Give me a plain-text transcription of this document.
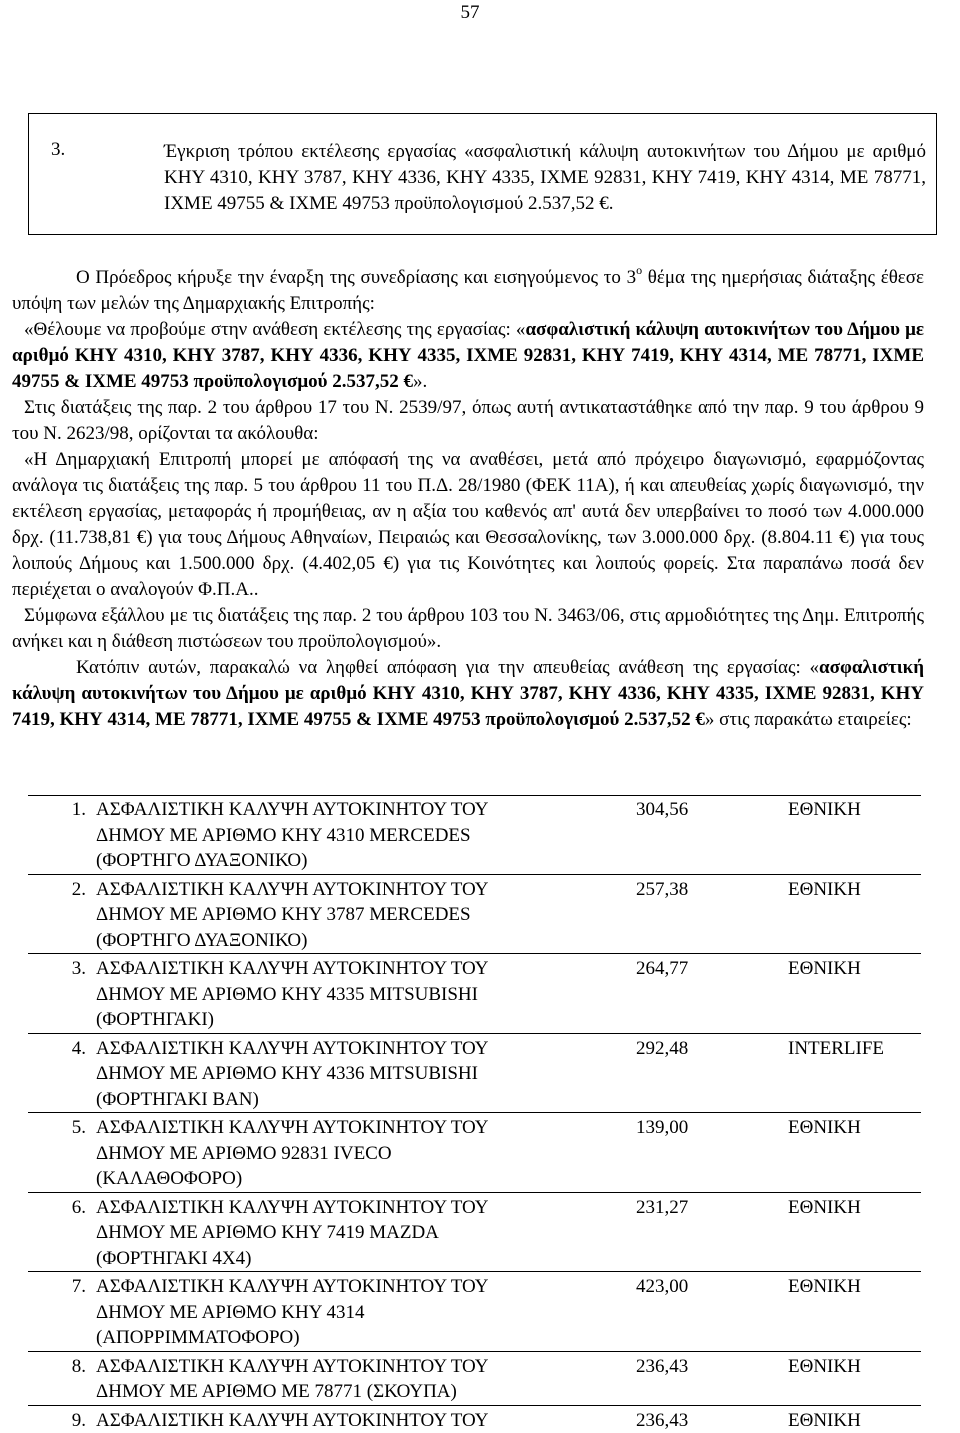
57
3.	Έγκριση τρόπου εκτέλεσης εργασίας «ασφαλιστική κάλυψη αυτοκινήτων του Δήμου με αριθμό ΚΗΥ 4310, ΚΗΥ 3787, ΚΗΥ 4336, ΚΗΥ 4335, ΙΧΜΕ 92831, ΚΗΥ 7419, ΚΗΥ 4314, ΜΕ 78771, ΙΧΜΕ 49755 & ΙΧΜΕ 49753 προϋπολογισμού 2.537,52 €.

Ο Πρόεδρος κήρυξε την έναρξη της συνεδρίασης και εισηγούμενος το $3^o$ θέμα της ημερήσιας διάταξης έθεσε υπόψη των μελών της Δημαρχιακής Επιτροπής:

«Θέλουμε να προβούμε στην ανάθεση εκτέλεσης της εργασίας: «ασφαλιστική κάλυψη αυτοκινήτων του Δήμου με αριθμό ΚΗΥ 4310, ΚΗΥ 3787, ΚΗΥ 4336, ΚΗΥ 4335, ΙΧΜΕ 92831, ΚΗΥ 7419, ΚΗΥ 4314, ΜΕ 78771, ΙΧΜΕ 49755 & ΙΧΜΕ 49753 προϋπολογισμού 2.537,52 €».

Στις διατάξεις της παρ. 2 του άρθρου 17 του Ν. 2539/97, όπως αυτή αντικαταστάθηκε από την παρ. 9 του άρθρου 9 του Ν. 2623/98, ορίζονται τα ακόλουθα:

«Η Δημαρχιακή Επιτροπή μπορεί με απόφασή της να αναθέσει, μετά από πρόχειρο διαγωνισμό, εφαρμόζοντας ανάλογα τις διατάξεις της παρ. 5 του άρθρου 11 του Π.Δ. 28/1980 (ΦΕΚ 11Α), ή και απευθείας χωρίς διαγωνισμό, την εκτέλεση εργασίας, μεταφοράς ή προμήθειας, αν η αξία του καθενός απ' αυτά δεν υπερβαίνει το ποσό των 4.000.000 δρχ. (11.738,81 €) για τους Δήμους Αθηναίων, Πειραιώς και Θεσσαλονίκης, των 3.000.000 δρχ. (8.804.11 €) για τους λοιπούς Δήμους και 1.500.000 δρχ. (4.402,05 €) για τις Κοινότητες και λοιπούς φορείς. Στα παραπάνω ποσά δεν περιέχεται ο αναλογούν Φ.Π.Α..

Σύμφωνα εξάλλου με τις διατάξεις της παρ. 2 του άρθρου 103 του Ν. 3463/06, στις αρμοδιότητες της Δημ. Επιτροπής ανήκει και η διάθεση πιστώσεων του προϋπολογισμού».

Κατόπιν αυτών, παρακαλώ να ληφθεί απόφαση για την απευθείας ανάθεση της εργασίας: «ασφαλιστική κάλυψη αυτοκινήτων του Δήμου με αριθμό ΚΗΥ 4310, ΚΗΥ 3787, ΚΗΥ 4336, ΚΗΥ 4335, ΙΧΜΕ 92831, ΚΗΥ 7419, ΚΗΥ 4314, ΜΕ 78771, ΙΧΜΕ 49755 & ΙΧΜΕ 49753 προϋπολογισμού 2.537,52 €» στις παρακάτω εταιρείες:

1.	ΑΣΦΑΛΙΣΤΙΚΗ ΚΑΛΥΨΗ ΑΥΤΟΚΙΝΗΤΟΥ ΤΟΥ
ΔΗΜΟΥ ΜΕ ΑΡΙΘΜΟ ΚΗΥ 4310 MERCEDES
(ΦΟΡΤΗΓΟ ΔΥΑΞΟΝΙΚΟ)	304,56	ΕΘΝΙΚΗ
2.	ΑΣΦΑΛΙΣΤΙΚΗ ΚΑΛΥΨΗ ΑΥΤΟΚΙΝΗΤΟΥ ΤΟΥ
ΔΗΜΟΥ ΜΕ ΑΡΙΘΜΟ ΚΗΥ 3787 MERCEDES
(ΦΟΡΤΗΓΟ ΔΥΑΞΟΝΙΚΟ)	257,38	ΕΘΝΙΚΗ
3.	ΑΣΦΑΛΙΣΤΙΚΗ ΚΑΛΥΨΗ ΑΥΤΟΚΙΝΗΤΟΥ ΤΟΥ
ΔΗΜΟΥ ΜΕ ΑΡΙΘΜΟ ΚΗΥ 4335 MITSUBISHI
(ΦΟΡΤΗΓΑΚΙ)	264,77	ΕΘΝΙΚΗ
4.	ΑΣΦΑΛΙΣΤΙΚΗ ΚΑΛΥΨΗ ΑΥΤΟΚΙΝΗΤΟΥ ΤΟΥ
ΔΗΜΟΥ ΜΕ ΑΡΙΘΜΟ ΚΗΥ 4336 MITSUBISHI
(ΦΟΡΤΗΓΑΚΙ ΒΑΝ)	292,48	INTERLIFE
5.	ΑΣΦΑΛΙΣΤΙΚΗ ΚΑΛΥΨΗ ΑΥΤΟΚΙΝΗΤΟΥ ΤΟΥ
ΔΗΜΟΥ ΜΕ ΑΡΙΘΜΟ 92831 IVECO
(ΚΑΛΑΘΟΦΟΡΟ)	139,00	ΕΘΝΙΚΗ
6.	ΑΣΦΑΛΙΣΤΙΚΗ ΚΑΛΥΨΗ ΑΥΤΟΚΙΝΗΤΟΥ ΤΟΥ
ΔΗΜΟΥ ΜΕ ΑΡΙΘΜΟ ΚΗΥ 7419 MAZDA
(ΦΟΡΤΗΓΑΚΙ 4Χ4)	231,27	ΕΘΝΙΚΗ
7.	ΑΣΦΑΛΙΣΤΙΚΗ ΚΑΛΥΨΗ ΑΥΤΟΚΙΝΗΤΟΥ ΤΟΥ
ΔΗΜΟΥ ΜΕ ΑΡΙΘΜΟ ΚΗΥ 4314
(ΑΠΟΡΡΙΜΜΑΤΟΦΟΡΟ)	423,00	ΕΘΝΙΚΗ
8.	ΑΣΦΑΛΙΣΤΙΚΗ ΚΑΛΥΨΗ ΑΥΤΟΚΙΝΗΤΟΥ ΤΟΥ
ΔΗΜΟΥ ΜΕ ΑΡΙΘΜΟ ΜΕ 78771 (ΣΚΟΥΠΑ)	236,43	ΕΘΝΙΚΗ
9.	ΑΣΦΑΛΙΣΤΙΚΗ ΚΑΛΥΨΗ ΑΥΤΟΚΙΝΗΤΟΥ ΤΟΥ	236,43	ΕΘΝΙΚΗ
